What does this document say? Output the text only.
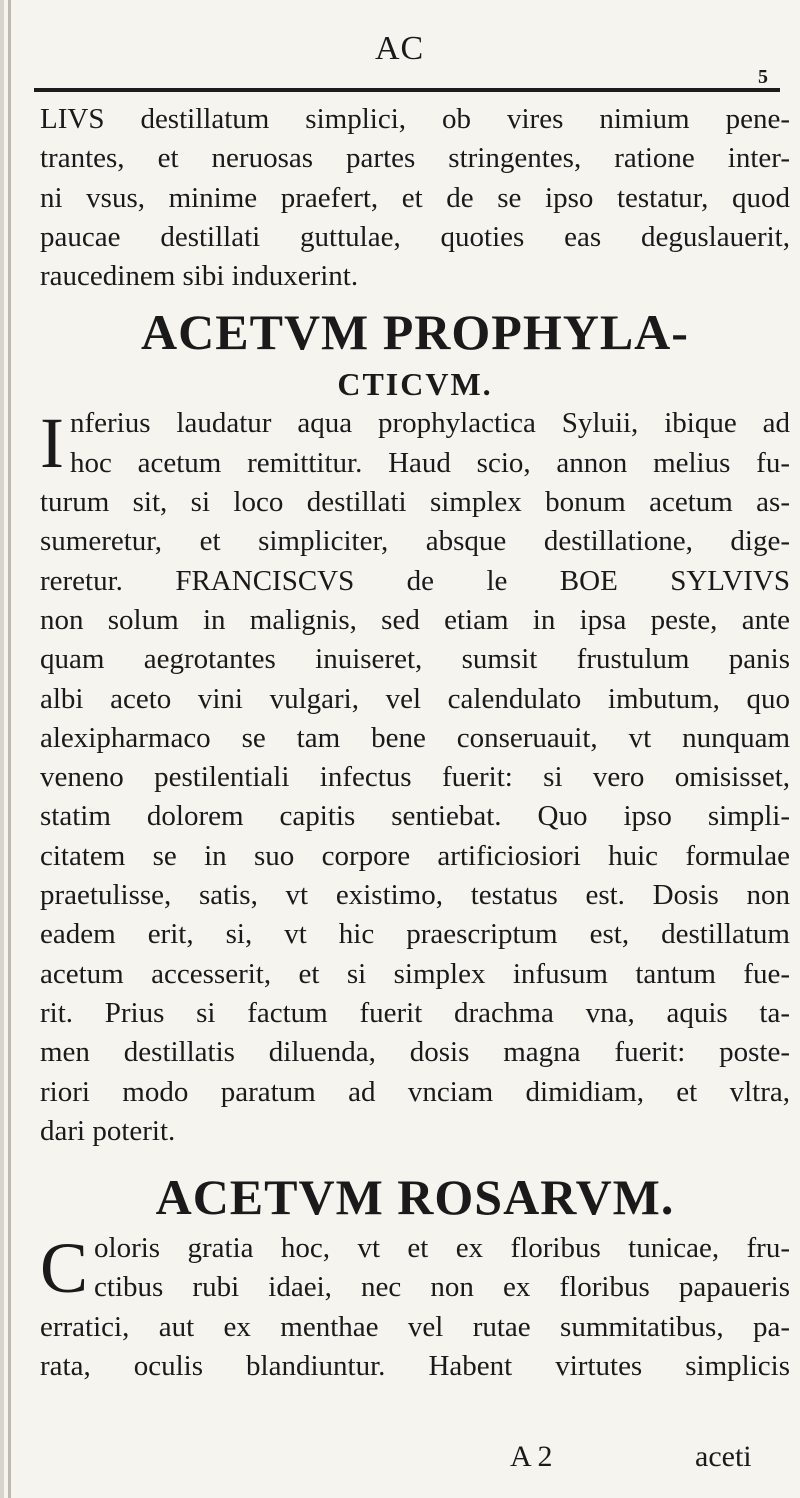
AC
5

LIVS destillatum simplici, ob vires nimium pene-
trantes, et neruosas partes stringentes, ratione inter-
ni vsus, minime praefert, et de se ipso testatur, quod
paucae destillati guttulae, quoties eas deguslauerit,
raucedinem sibi induxerint.

ACETVM PROPHYLA-
CTICVM.
I nferius laudatur aqua prophylactica Syluii, ibique ad
hoc acetum remittitur. Haud scio, annon melius fu-
turum sit, si loco destillati simplex bonum acetum as-
sumeretur, et simpliciter, absque destillatione, dige-
reretur. FRANCISCVS de le BOE SYLVIVS
non solum in malignis, sed etiam in ipsa peste, ante
quam aegrotantes inuiseret, sumsit frustulum panis
albi aceto vini vulgari, vel calendulato imbutum, quo
alexipharmaco se tam bene conseruauit, vt nunquam
veneno pestilentiali infectus fuerit: si vero omisisset,
statim dolorem capitis sentiebat. Quo ipso simpli-
citatem se in suo corpore artificiosiori huic formulae
praetulisse, satis, vt existimo, testatus est. Dosis non
eadem erit, si, vt hic praescriptum est, destillatum
acetum accesserit, et si simplex infusum tantum fue-
rit. Prius si factum fuerit drachma vna, aquis ta-
men destillatis diluenda, dosis magna fuerit: poste-
riori modo paratum ad vnciam dimidiam, et vltra,
dari poterit.
ACETVM ROSARVM.
C oloris gratia hoc, vt et ex floribus tunicae, fru-
ctibus rubi idaei, nec non ex floribus papaueris
erratici, aut ex menthae vel rutae summitatibus, pa-
rata, oculis blandiuntur. Habent virtutes simplicis
A 2	aceti
